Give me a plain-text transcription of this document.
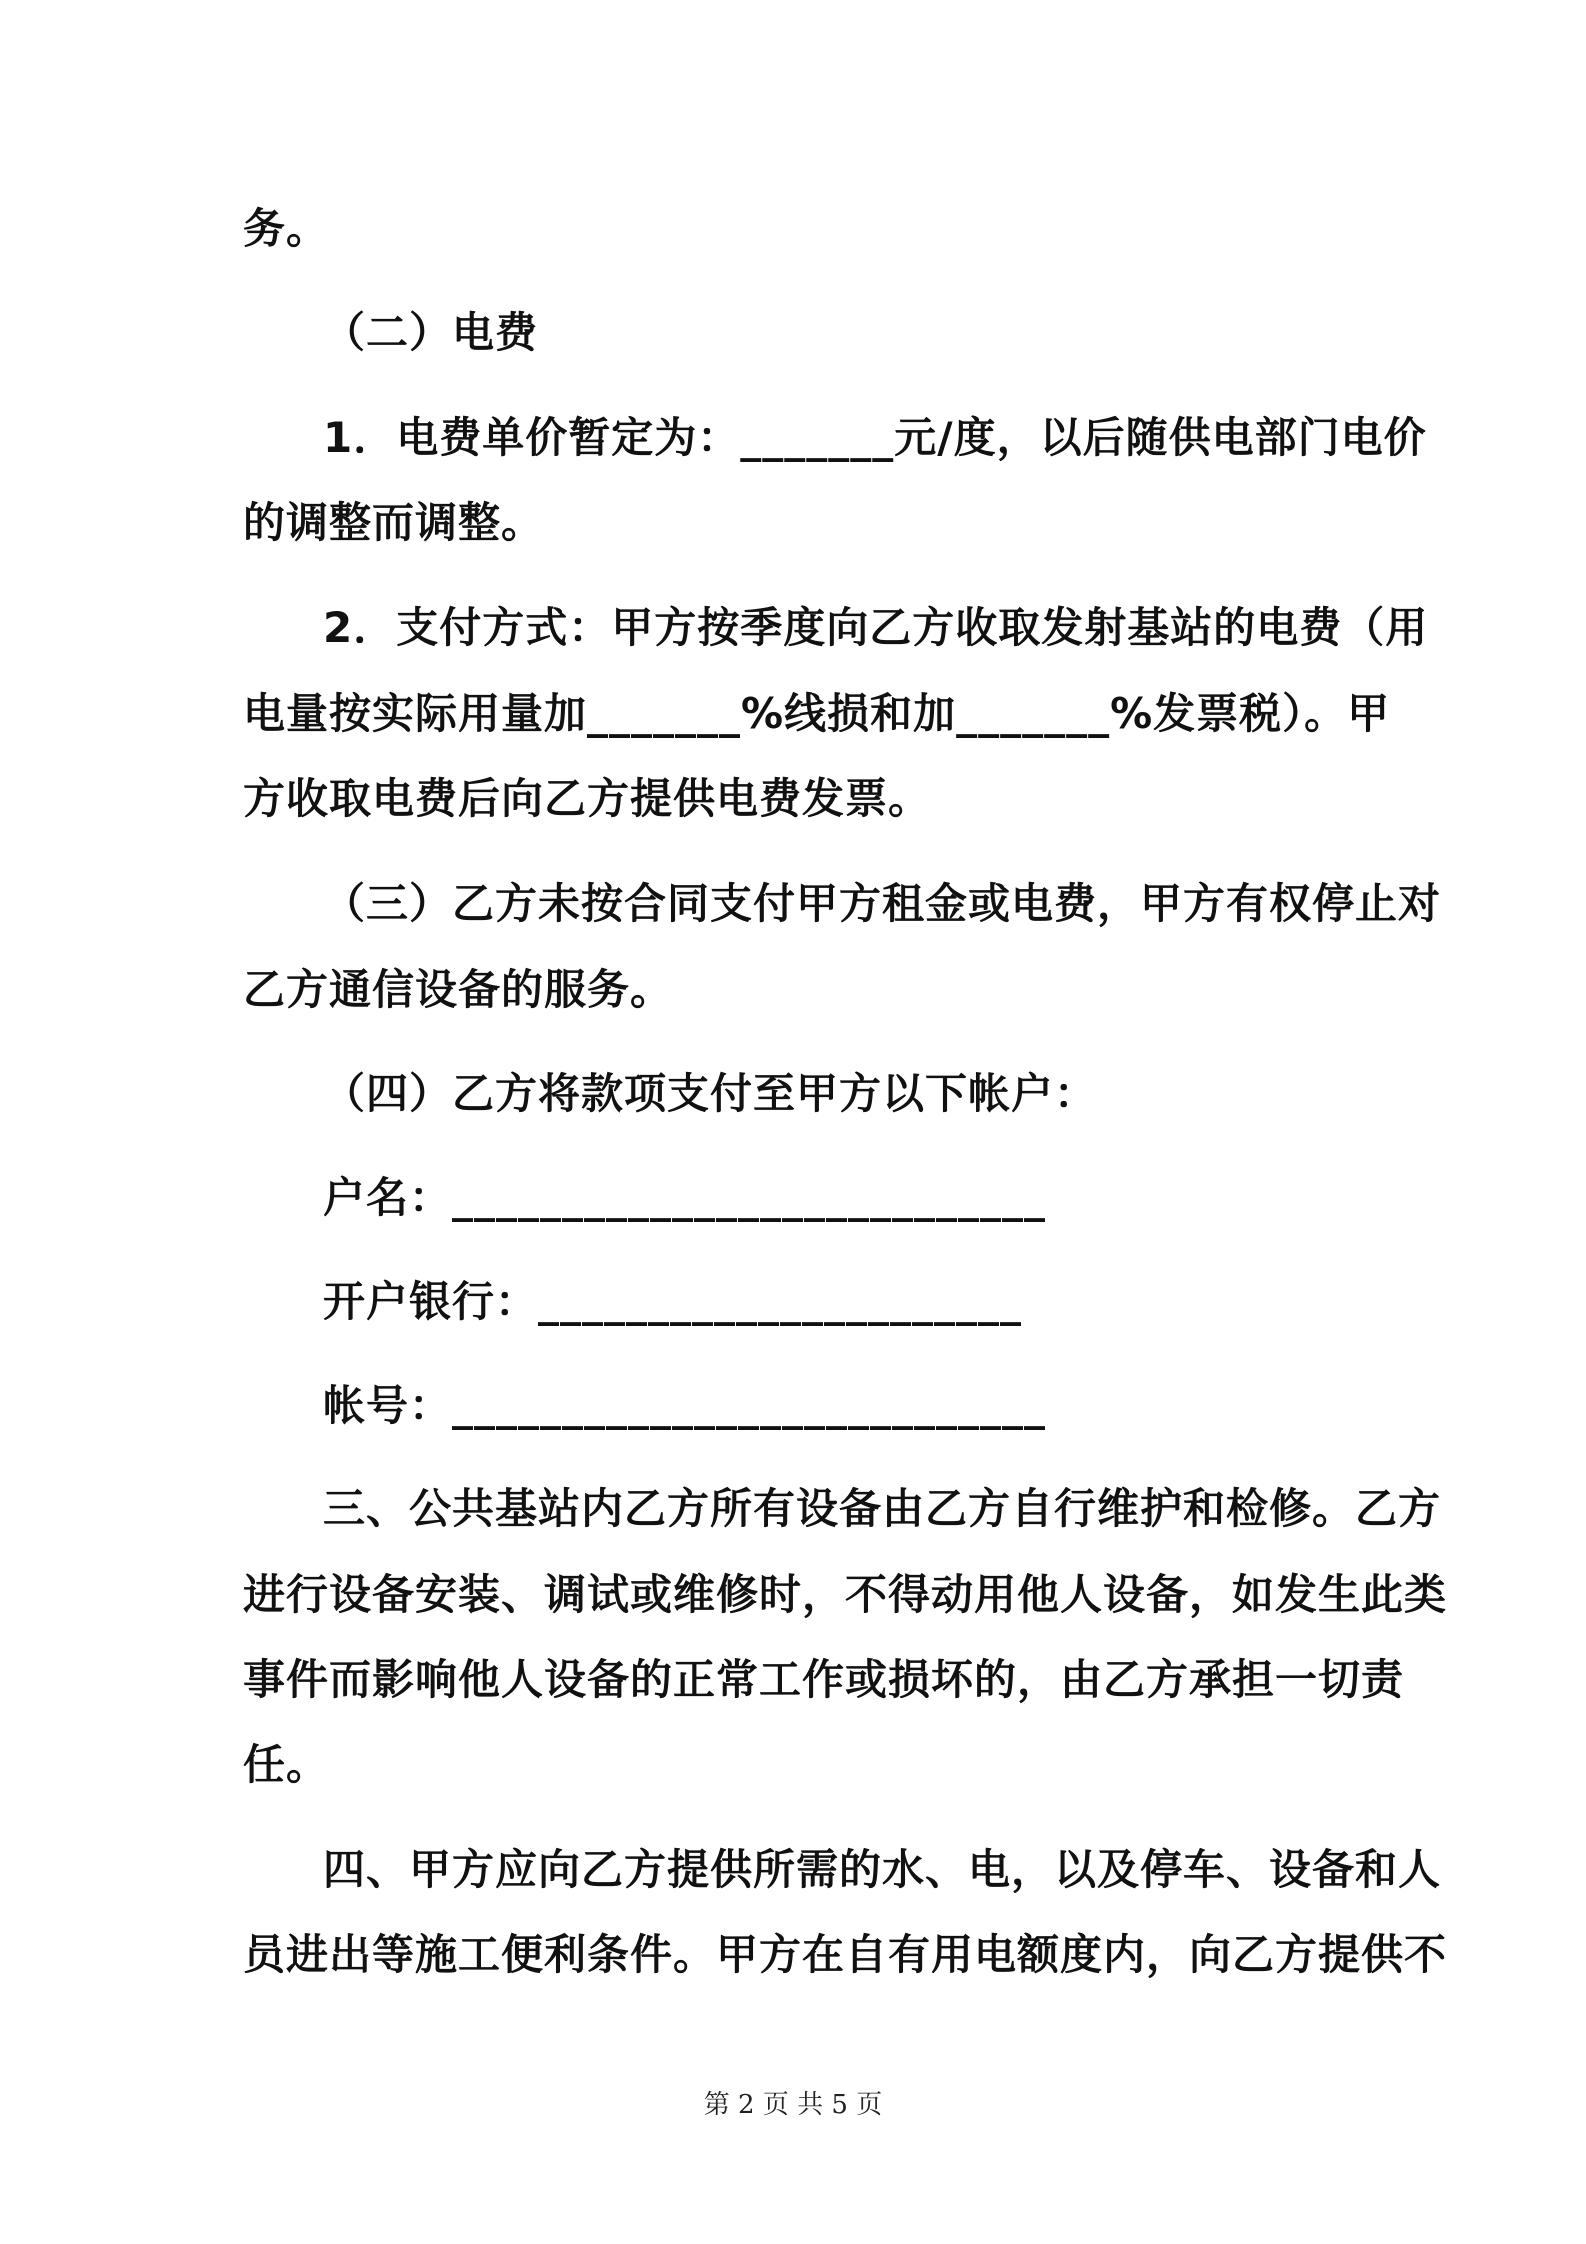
务。
（二）电费
1．电费单价暂定为：_______元/度，以后随供电部门电价
的调整而调整。
2．支付方式：甲方按季度向乙方收取发射基站的电费（用
电量按实际用量加_______%线损和加_______%发票税）。甲
方收取电费后向乙方提供电费发票。
（三）乙方未按合同支付甲方租金或电费，甲方有权停止对
乙方通信设备的服务。
（四）乙方将款项支付至甲方以下帐户：
户名：___________________________
开户银行：______________________
帐号：___________________________
三、公共基站内乙方所有设备由乙方自行维护和检修。乙方
进行设备安装、调试或维修时，不得动用他人设备，如发生此类
事件而影响他人设备的正常工作或损坏的，由乙方承担一切责
任。
四、甲方应向乙方提供所需的水、电，以及停车、设备和人
员进出等施工便利条件。甲方在自有用电额度内，向乙方提供不
第 2 页 共 5 页
